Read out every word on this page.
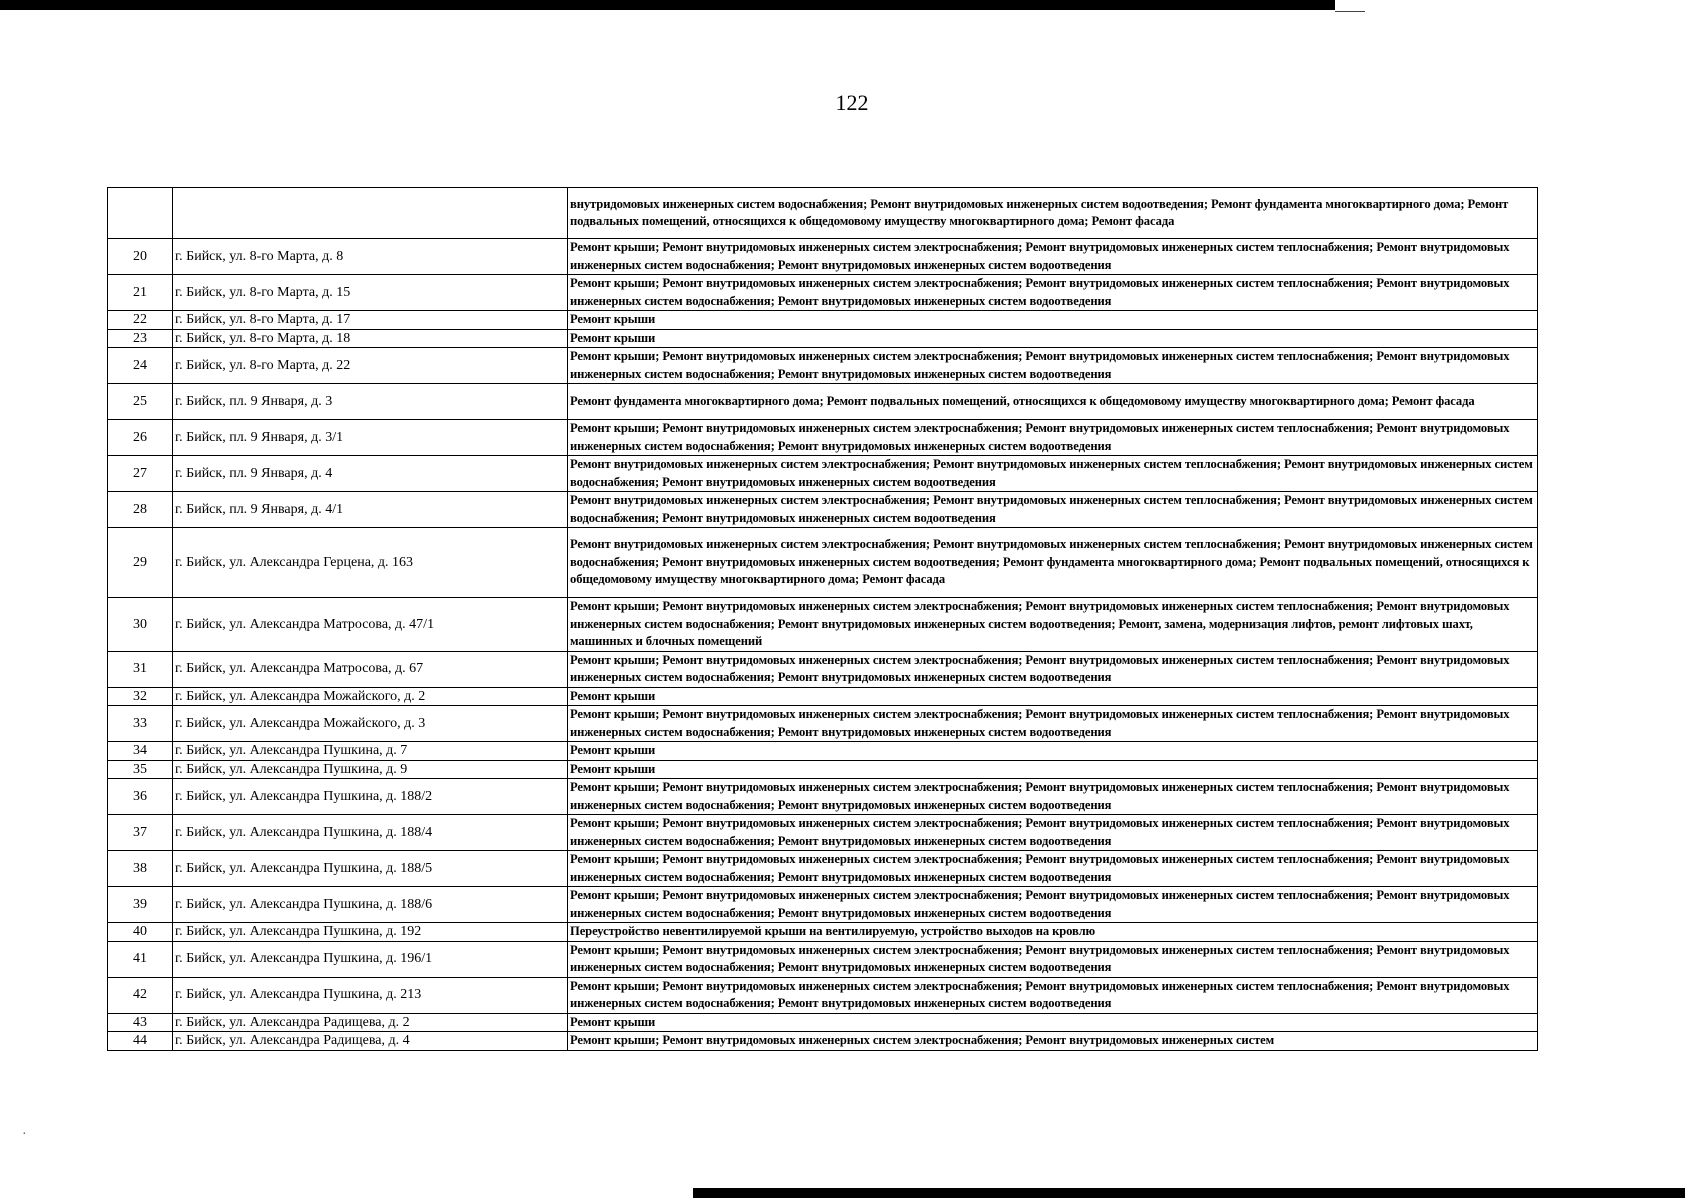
122
		внутридомовых инженерных систем водоснабжения; Ремонт внутридомовых инженерных систем водоотведения; Ремонт фундамента многоквартирного дома; Ремонт подвальных помещений, относящихся к общедомовому имуществу многоквартирного дома; Ремонт фасада
20	г. Бийск, ул. 8-го Марта, д. 8	Ремонт крыши; Ремонт внутридомовых инженерных систем электроснабжения; Ремонт внутридомовых инженерных систем теплоснабжения; Ремонт внутридомовых инженерных систем водоснабжения; Ремонт внутридомовых инженерных систем водоотведения
21	г. Бийск, ул. 8-го Марта, д. 15	Ремонт крыши; Ремонт внутридомовых инженерных систем электроснабжения; Ремонт внутридомовых инженерных систем теплоснабжения; Ремонт внутридомовых инженерных систем водоснабжения; Ремонт внутридомовых инженерных систем водоотведения
22	г. Бийск, ул. 8-го Марта, д. 17	Ремонт крыши
23	г. Бийск, ул. 8-го Марта, д. 18	Ремонт крыши
24	г. Бийск, ул. 8-го Марта, д. 22	Ремонт крыши; Ремонт внутридомовых инженерных систем электроснабжения; Ремонт внутридомовых инженерных систем теплоснабжения; Ремонт внутридомовых инженерных систем водоснабжения; Ремонт внутридомовых инженерных систем водоотведения
25	г. Бийск, пл. 9 Января, д. 3	Ремонт фундамента многоквартирного дома; Ремонт подвальных помещений, относящихся к общедомовому имуществу многоквартирного дома; Ремонт фасада
26	г. Бийск, пл. 9 Января, д. 3/1	Ремонт крыши; Ремонт внутридомовых инженерных систем электроснабжения; Ремонт внутридомовых инженерных систем теплоснабжения; Ремонт внутридомовых инженерных систем водоснабжения; Ремонт внутридомовых инженерных систем водоотведения
27	г. Бийск, пл. 9 Января, д. 4	Ремонт внутридомовых инженерных систем электроснабжения; Ремонт внутридомовых инженерных систем теплоснабжения; Ремонт внутридомовых инженерных систем водоснабжения; Ремонт внутридомовых инженерных систем водоотведения
28	г. Бийск, пл. 9 Января, д. 4/1	Ремонт внутридомовых инженерных систем электроснабжения; Ремонт внутридомовых инженерных систем теплоснабжения; Ремонт внутридомовых инженерных систем водоснабжения; Ремонт внутридомовых инженерных систем водоотведения
29	г. Бийск, ул. Александра Герцена, д. 163	Ремонт внутридомовых инженерных систем электроснабжения; Ремонт внутридомовых инженерных систем теплоснабжения; Ремонт внутридомовых инженерных систем водоснабжения; Ремонт внутридомовых инженерных систем водоотведения; Ремонт фундамента многоквартирного дома; Ремонт подвальных помещений, относящихся к общедомовому имуществу многоквартирного дома; Ремонт фасада
30	г. Бийск, ул. Александра Матросова, д. 47/1	Ремонт крыши; Ремонт внутридомовых инженерных систем электроснабжения; Ремонт внутридомовых инженерных систем теплоснабжения; Ремонт внутридомовых инженерных систем водоснабжения; Ремонт внутридомовых инженерных систем водоотведения; Ремонт, замена, модернизация лифтов, ремонт лифтовых шахт, машинных и блочных помещений
31	г. Бийск, ул. Александра Матросова, д. 67	Ремонт крыши; Ремонт внутридомовых инженерных систем электроснабжения; Ремонт внутридомовых инженерных систем теплоснабжения; Ремонт внутридомовых инженерных систем водоснабжения; Ремонт внутридомовых инженерных систем водоотведения
32	г. Бийск, ул. Александра Можайского, д. 2	Ремонт крыши
33	г. Бийск, ул. Александра Можайского, д. 3	Ремонт крыши; Ремонт внутридомовых инженерных систем электроснабжения; Ремонт внутридомовых инженерных систем теплоснабжения; Ремонт внутридомовых инженерных систем водоснабжения; Ремонт внутридомовых инженерных систем водоотведения
34	г. Бийск, ул. Александра Пушкина, д. 7	Ремонт крыши
35	г. Бийск, ул. Александра Пушкина, д. 9	Ремонт крыши
36	г. Бийск, ул. Александра Пушкина, д. 188/2	Ремонт крыши; Ремонт внутридомовых инженерных систем электроснабжения; Ремонт внутридомовых инженерных систем теплоснабжения; Ремонт внутридомовых инженерных систем водоснабжения; Ремонт внутридомовых инженерных систем водоотведения
37	г. Бийск, ул. Александра Пушкина, д. 188/4	Ремонт крыши; Ремонт внутридомовых инженерных систем электроснабжения; Ремонт внутридомовых инженерных систем теплоснабжения; Ремонт внутридомовых инженерных систем водоснабжения; Ремонт внутридомовых инженерных систем водоотведения
38	г. Бийск, ул. Александра Пушкина, д. 188/5	Ремонт крыши; Ремонт внутридомовых инженерных систем электроснабжения; Ремонт внутридомовых инженерных систем теплоснабжения; Ремонт внутридомовых инженерных систем водоснабжения; Ремонт внутридомовых инженерных систем водоотведения
39	г. Бийск, ул. Александра Пушкина, д. 188/6	Ремонт крыши; Ремонт внутридомовых инженерных систем электроснабжения; Ремонт внутридомовых инженерных систем теплоснабжения; Ремонт внутридомовых инженерных систем водоснабжения; Ремонт внутридомовых инженерных систем водоотведения
40	г. Бийск, ул. Александра Пушкина, д. 192	Переустройство невентилируемой крыши на вентилируемую, устройство выходов на кровлю
41	г. Бийск, ул. Александра Пушкина, д. 196/1	Ремонт крыши; Ремонт внутридомовых инженерных систем электроснабжения; Ремонт внутридомовых инженерных систем теплоснабжения; Ремонт внутридомовых инженерных систем водоснабжения; Ремонт внутридомовых инженерных систем водоотведения
42	г. Бийск, ул. Александра Пушкина, д. 213	Ремонт крыши; Ремонт внутридомовых инженерных систем электроснабжения; Ремонт внутридомовых инженерных систем теплоснабжения; Ремонт внутридомовых инженерных систем водоснабжения; Ремонт внутридомовых инженерных систем водоотведения
43	г. Бийск, ул. Александра Радищева, д. 2	Ремонт крыши
44	г. Бийск, ул. Александра Радищева, д. 4	Ремонт крыши; Ремонт внутридомовых инженерных систем электроснабжения; Ремонт внутридомовых инженерных систем
·
